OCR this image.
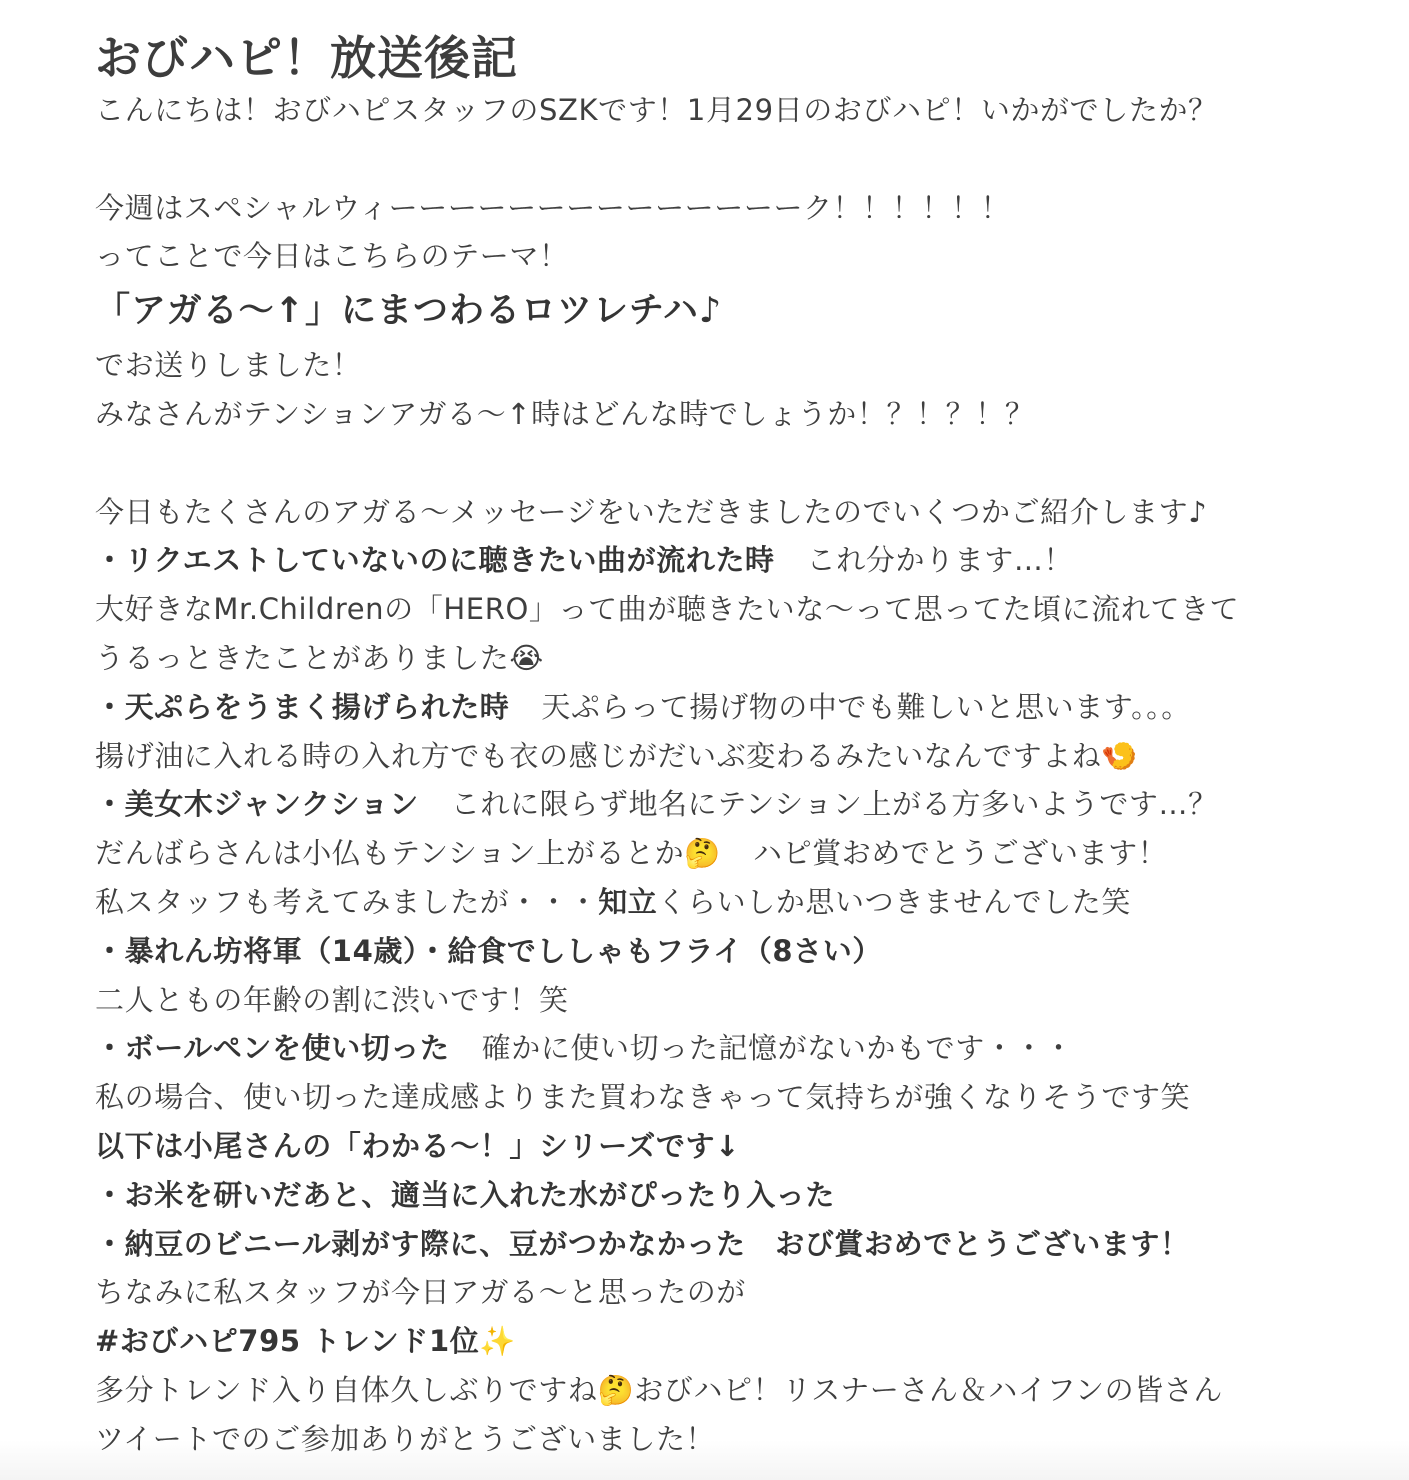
おびハピ！放送後記
こんにちは！おびハピスタッフのSZKです！1月29日のおびハピ！いかがでしたか？
今週はスペシャルウィーーーーーーーーーーーーーーク！！！！！！
ってことで今日はこちらのテーマ！
「アガる〜↑」にまつわるロツレチハ♪
でお送りしました！
みなさんがテンションアガる〜↑時はどんな時でしょうか！？！？！？
今日もたくさんのアガる〜メッセージをいただきましたのでいくつかご紹介します♪
・リクエストしていないのに聴きたい曲が流れた時 これ分かります…！
大好きなMr.Childrenの「HERO」って曲が聴きたいな〜って思ってた頃に流れてきて
うるっときたことがありました😭
・天ぷらをうまく揚げられた時 天ぷらって揚げ物の中でも難しいと思います。。。
揚げ油に入れる時の入れ方でも衣の感じがだいぶ変わるみたいなんですよね🍤
・美女木ジャンクション これに限らず地名にテンション上がる方多いようです…？
だんばらさんは小仏もテンション上がるとか🤔 ハピ賞おめでとうございます！
私スタッフも考えてみましたが・・・知立くらいしか思いつきませんでした笑
・暴れん坊将軍（14歳）・給食でししゃもフライ（8さい）
二人ともの年齢の割に渋いです！笑
・ボールペンを使い切った 確かに使い切った記憶がないかもです・・・
私の場合、使い切った達成感よりまた買わなきゃって気持ちが強くなりそうです笑
以下は小尾さんの「わかる〜！」シリーズです↓
・お米を研いだあと、適当に入れた水がぴったり入った
・納豆のビニール剥がす際に、豆がつかなかった　おび賞おめでとうございます！
ちなみに私スタッフが今日アガる〜と思ったのが
#おびハピ795 トレンド1位✨
多分トレンド入り自体久しぶりですね🤔おびハピ！リスナーさん＆ハイフンの皆さん
ツイートでのご参加ありがとうございました！
